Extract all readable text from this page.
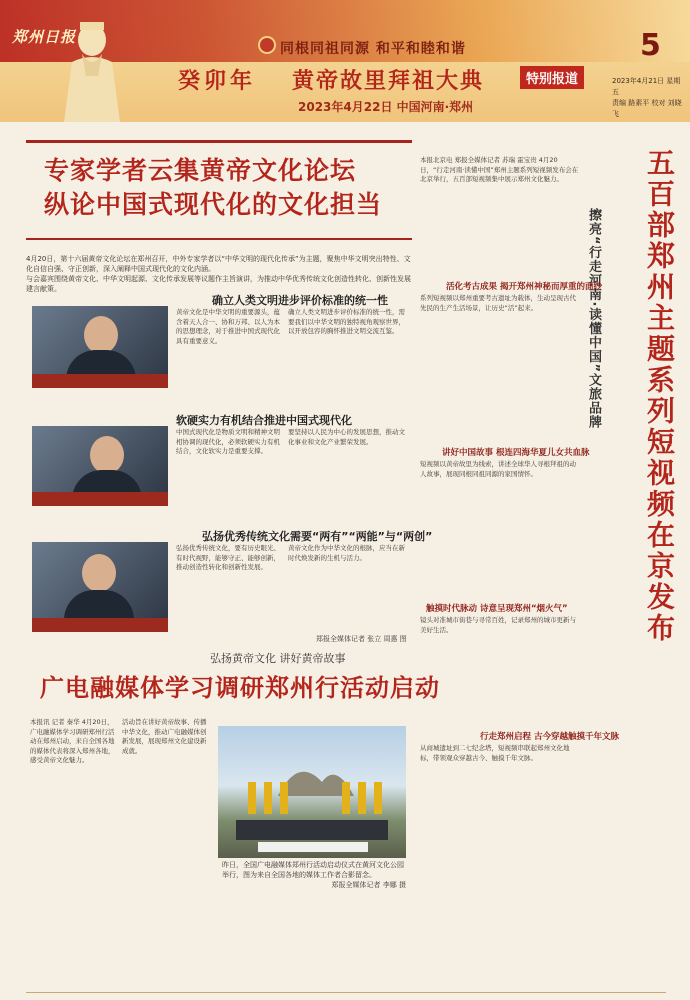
郑州日报
同根同祖同源 和平和睦和谐
癸卯年 黄帝故里拜祖大典	特别报道
2023年4月22日 中国河南·郑州
5
2023年4月21日 星期五
责编 路素平 校对 刘晓飞
专家学者云集黄帝文化论坛
纵论中国式现代化的文化担当

4月20日，第十六届黄帝文化论坛在郑州召开，中外专家学者以“中华文明的现代化传承”为主题，聚焦中华文明突出特性、文化自信自强、守正创新，深入阐释中国式现代化的文化内涵。

与会嘉宾围绕黄帝文化、中华文明起源、文化传承发展等议题作主旨演讲，为推动中华优秀传统文化创造性转化、创新性发展建言献策。

确立人类文明进步评价标准的统一性
黄帝文化是中华文明的重要源头，蕴含着天人合一、协和万邦、以人为本的思想理念，对于推进中国式现代化具有重要意义。
确立人类文明进步评价标准的统一性，需要我们以中华文明的独特视角观察世界，以开放包容的胸怀推进文明交流互鉴。
软硬实力有机结合推进中国式现代化
中国式现代化是物质文明和精神文明相协调的现代化，必须软硬实力有机结合，文化软实力是重要支撑。
要坚持以人民为中心的发展思想，推动文化事业和文化产业繁荣发展。
弘扬优秀传统文化需要“两有”“两能”与“两创”
弘扬优秀传统文化，要有历史眼光、有时代视野，能够守正、能够创新，推动创造性转化和创新性发展。
黄帝文化作为中华文化的根脉，应当在新时代焕发新的生机与活力。
郑报全媒体记者 张立 周惠 图	五百部郑州主题系列短视频在京发布
擦亮“行走河南·读懂中国”文旅品牌
本报北京电 郑报全媒体记者 苏瑞 霍宝贵 4月20日，“行走河南·读懂中国”郑州主题系列短视频发布会在北京举行，五百部短视频集中展示郑州文化魅力。
活化考古成果 揭开郑州神秘而厚重的面纱
系列短视频以郑州重要考古遗址为载体，生动呈现古代先民的生产生活场景，让历史“活”起来。
讲好中国故事 根连四海华夏儿女共血脉
短视频以黄帝故里为线索，讲述全球华人寻根拜祖的动人故事，展现同根同祖同源的家国情怀。
触摸时代脉动 诗意呈现郑州“烟火气”
镜头对准城市街巷与寻常百姓，记录郑州的城市更新与美好生活。
行走郑州启程 古今穿越触摸千年文脉
从商城遗址到二七纪念塔，短视频串联起郑州文化地标，带领观众穿越古今、触摸千年文脉。
弘扬黄帝文化 讲好黄帝故事
广电融媒体学习调研郑州行活动启动
本报讯 记者 秦华 4月20日，广电融媒体学习调研郑州行活动在郑州启动，来自全国各地的媒体代表将深入郑州各地，感受黄帝文化魅力。
活动旨在讲好黄帝故事、传播中华文化，推动广电融媒体创新发展，展现郑州文化建设新成就。
昨日，全国广电融媒体郑州行活动启动仪式在黄河文化公园举行，图为来自全国各地的媒体工作者合影留念。
郑报全媒体记者 李娜 摄
